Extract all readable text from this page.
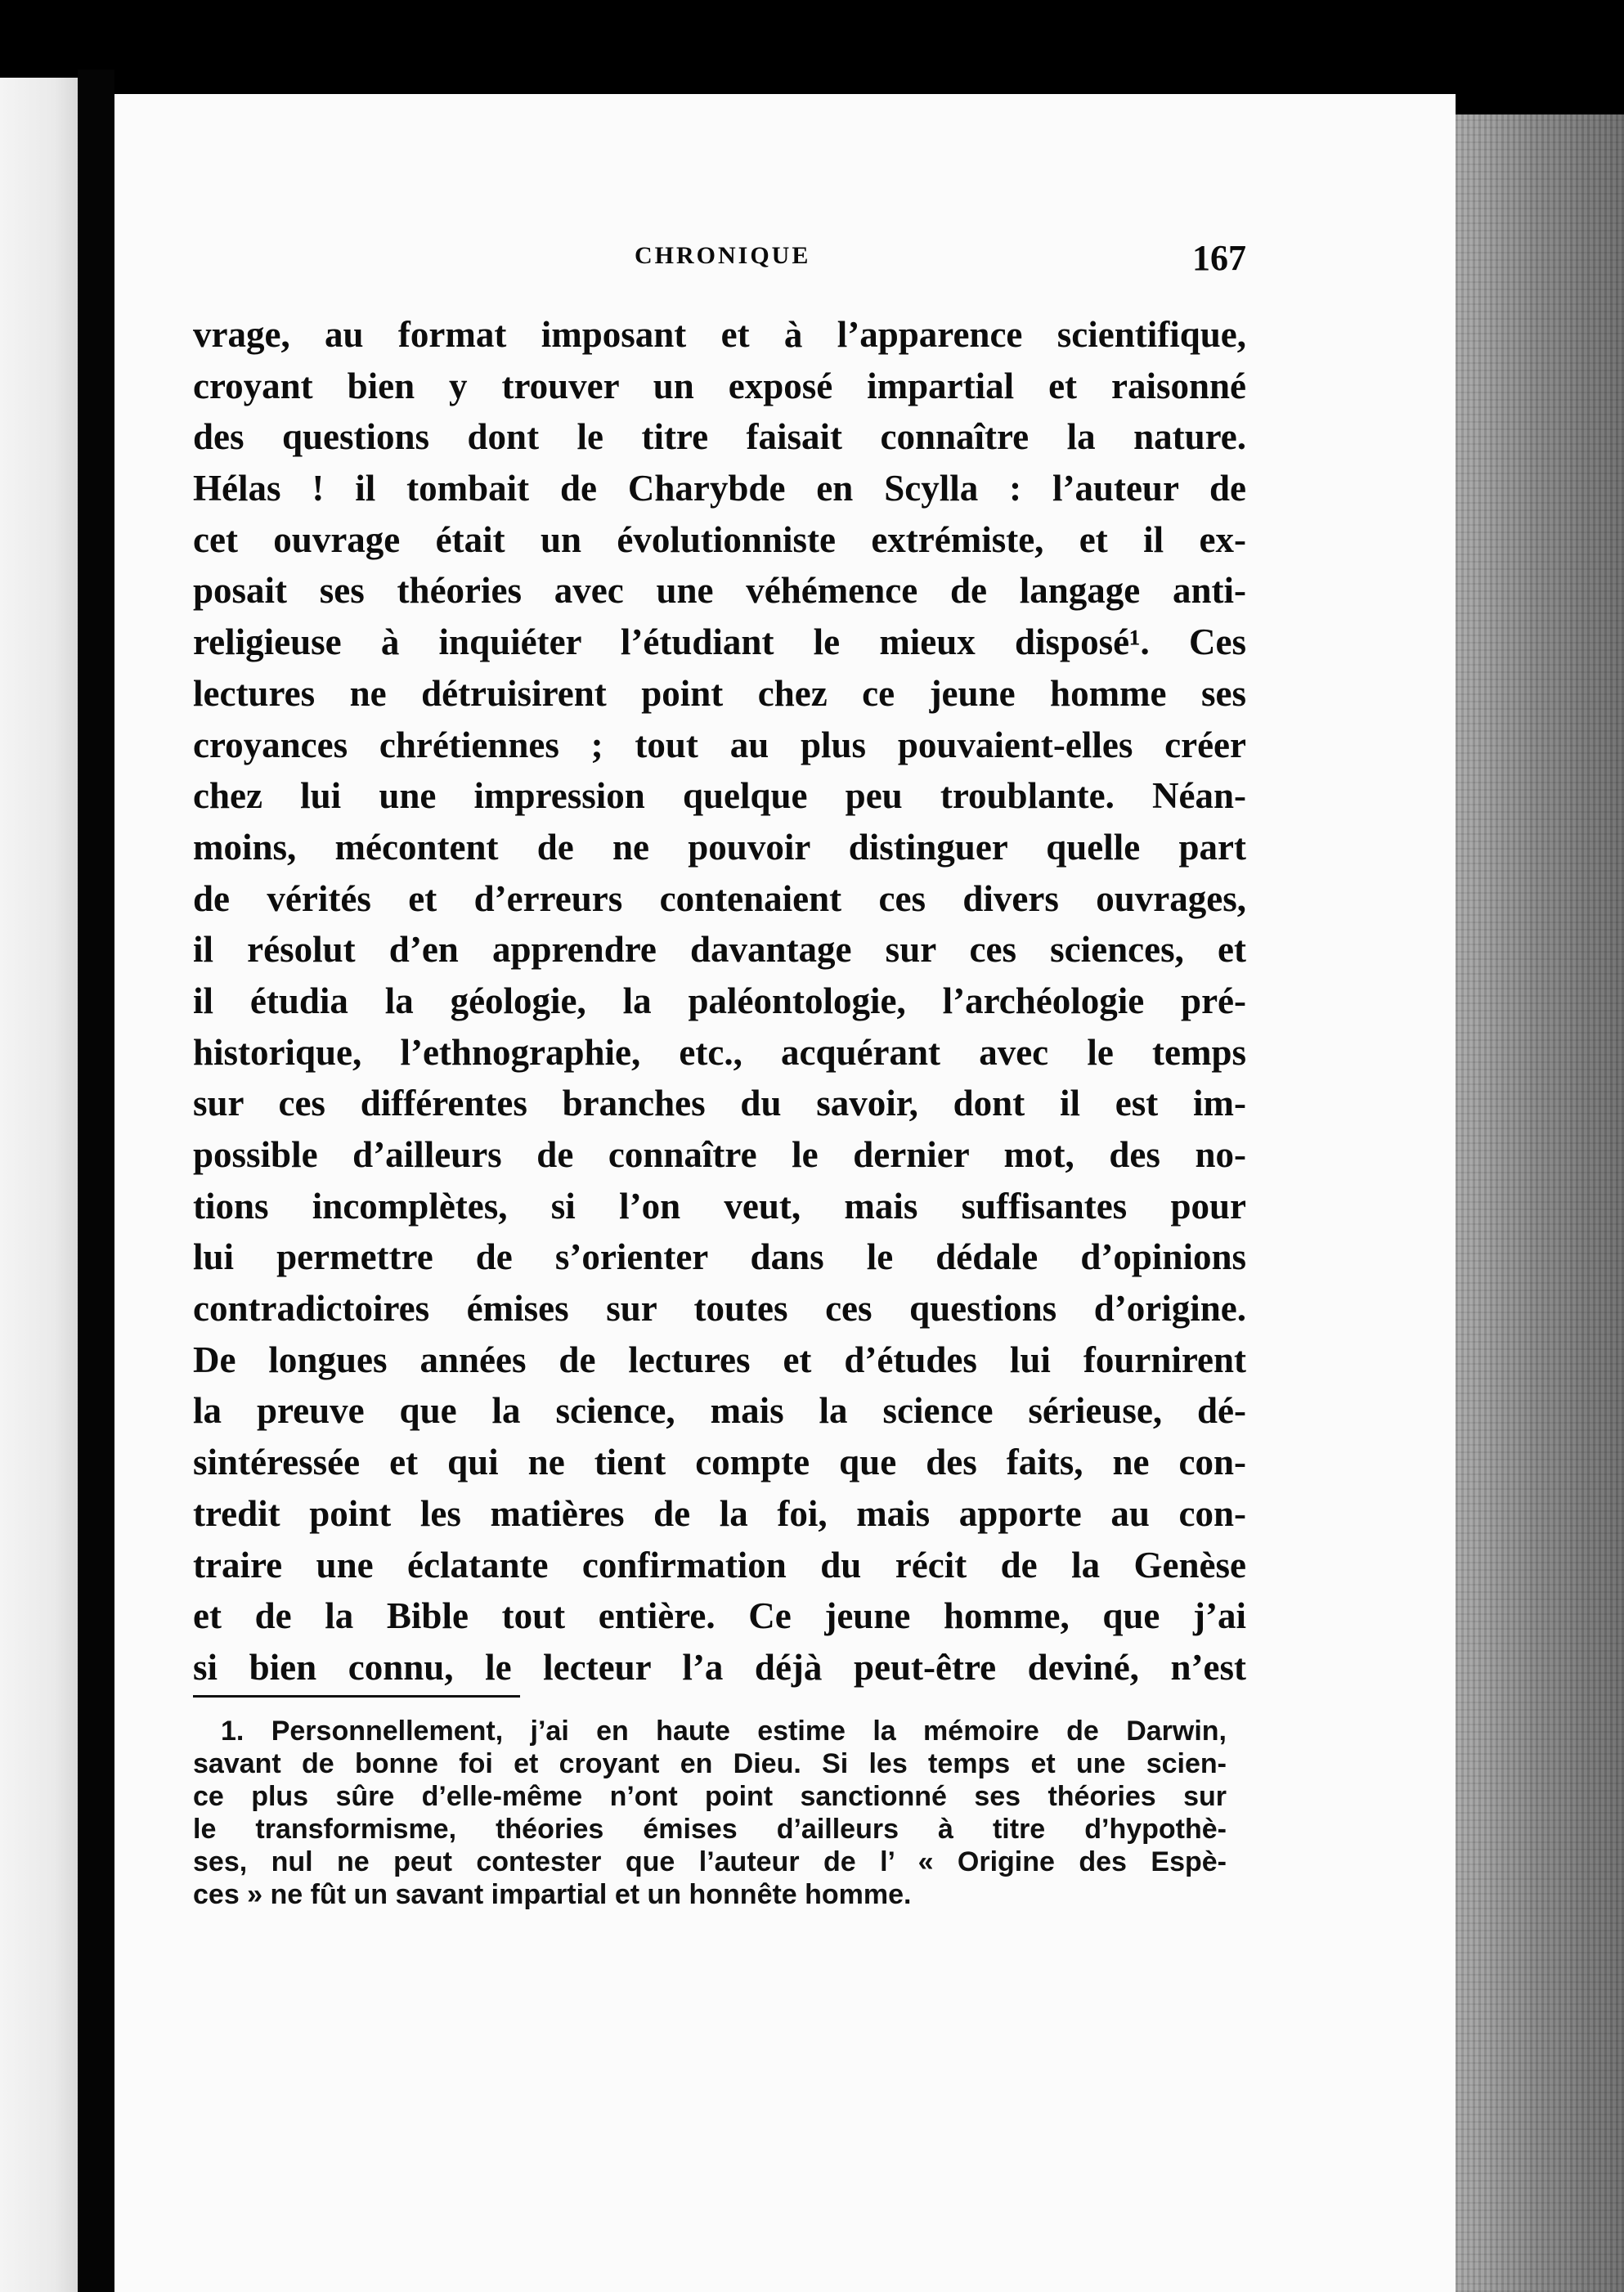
CHRONIQUE	167
vrage, au format imposant et à l’apparence scientifique,
croyant bien y trouver un exposé impartial et raisonné
des questions dont le titre faisait connaître la nature.
Hélas ! il tombait de Charybde en Scylla : l’auteur de
cet ouvrage était un évolutionniste extrémiste, et il ex-
posait ses théories avec une véhémence de langage anti-
religieuse à inquiéter l’étudiant le mieux disposé¹. Ces
lectures ne détruisirent point chez ce jeune homme ses
croyances chrétiennes ; tout au plus pouvaient-elles créer
chez lui une impression quelque peu troublante. Néan-
moins, mécontent de ne pouvoir distinguer quelle part
de vérités et d’erreurs contenaient ces divers ouvrages,
il résolut d’en apprendre davantage sur ces sciences, et
il étudia la géologie, la paléontologie, l’archéologie pré-
historique, l’ethnographie, etc., acquérant avec le temps
sur ces différentes branches du savoir, dont il est im-
possible d’ailleurs de connaître le dernier mot, des no-
tions incomplètes, si l’on veut, mais suffisantes pour
lui permettre de s’orienter dans le dédale d’opinions
contradictoires émises sur toutes ces questions d’origine.
De longues années de lectures et d’études lui fournirent
la preuve que la science, mais la science sérieuse, dé-
sintéressée et qui ne tient compte que des faits, ne con-
tredit point les matières de la foi, mais apporte au con-
traire une éclatante confirmation du récit de la Genèse
et de la Bible tout entière. Ce jeune homme, que j’ai
si bien connu, le lecteur l’a déjà peut-être deviné, n’est
1. Personnellement, j’ai en haute estime la mémoire de Darwin,
savant de bonne foi et croyant en Dieu. Si les temps et une scien-
ce plus sûre d’elle-même n’ont point sanctionné ses théories sur
le transformisme, théories émises d’ailleurs à titre d’hypothè-
ses, nul ne peut contester que l’auteur de l’ « Origine des Espè-
ces » ne fût un savant impartial et un honnête homme.
